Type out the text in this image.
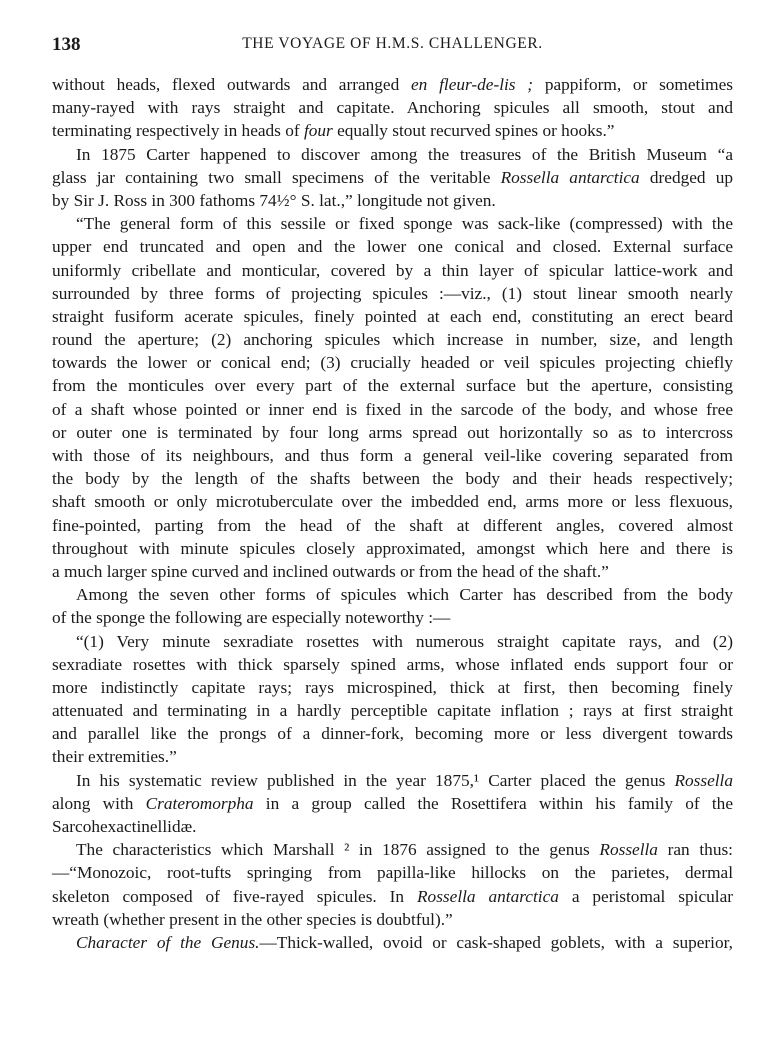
138	THE VOYAGE OF H.M.S. CHALLENGER.
without heads, flexed outwards and arranged en fleur-de-lis ; pappiform, or sometimes
many-rayed with rays straight and capitate. Anchoring spicules all smooth, stout and
terminating respectively in heads of four equally stout recurved spines or hooks.”
In 1875 Carter happened to discover among the treasures of the British Museum “a
glass jar containing two small specimens of the veritable Rossella antarctica dredged up
by Sir J. Ross in 300 fathoms 74½° S. lat.,” longitude not given.
“The general form of this sessile or fixed sponge was sack-like (compressed) with the
upper end truncated and open and the lower one conical and closed. External surface
uniformly cribellate and monticular, covered by a thin layer of spicular lattice-work and
surrounded by three forms of projecting spicules :—viz., (1) stout linear smooth nearly
straight fusiform acerate spicules, finely pointed at each end, constituting an erect beard
round the aperture; (2) anchoring spicules which increase in number, size, and length
towards the lower or conical end; (3) crucially headed or veil spicules projecting chiefly
from the monticules over every part of the external surface but the aperture, consisting
of a shaft whose pointed or inner end is fixed in the sarcode of the body, and whose free
or outer one is terminated by four long arms spread out horizontally so as to intercross
with those of its neighbours, and thus form a general veil-like covering separated from
the body by the length of the shafts between the body and their heads respectively;
shaft smooth or only microtuberculate over the imbedded end, arms more or less flexuous,
fine-pointed, parting from the head of the shaft at different angles, covered almost
throughout with minute spicules closely approximated, amongst which here and there is
a much larger spine curved and inclined outwards or from the head of the shaft.”
Among the seven other forms of spicules which Carter has described from the body
of the sponge the following are especially noteworthy :—
“(1) Very minute sexradiate rosettes with numerous straight capitate rays, and (2)
sexradiate rosettes with thick sparsely spined arms, whose inflated ends support four or
more indistinctly capitate rays; rays microspined, thick at first, then becoming finely
attenuated and terminating in a hardly perceptible capitate inflation ; rays at first straight
and parallel like the prongs of a dinner-fork, becoming more or less divergent towards
their extremities.”
In his systematic review published in the year 1875,¹ Carter placed the genus Rossella
along with Crateromorpha in a group called the Rosettifera within his family of the
Sarcohexactinellidæ.
The characteristics which Marshall ² in 1876 assigned to the genus Rossella ran thus:
—“Monozoic, root-tufts springing from papilla-like hillocks on the parietes, dermal
skeleton composed of five-rayed spicules. In Rossella antarctica a peristomal spicular
wreath (whether present in the other species is doubtful).”
Character of the Genus.—Thick-walled, ovoid or cask-shaped goblets, with a superior,
